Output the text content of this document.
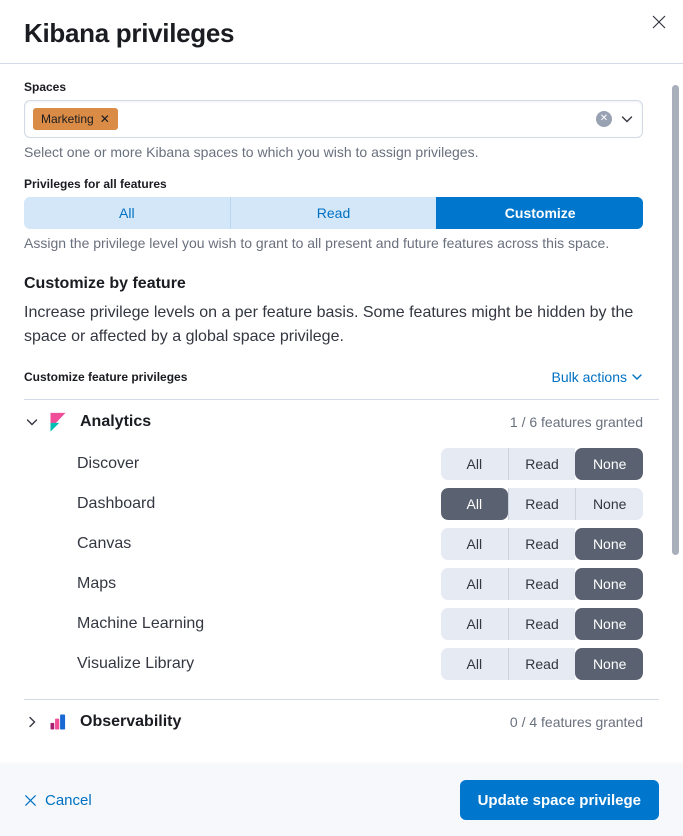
Kibana privileges
Spaces
Marketing ✕	✕
Select one or more Kibana spaces to which you wish to assign privileges.
Privileges for all features
All	Read	Customize
Assign the privilege level you wish to grant to all present and future features across this space.
Customize by feature
Increase privilege levels on a per feature basis. Some features might be hidden by the space or affected by a global space privilege.
Customize feature privileges	Bulk actions
Analytics	1 / 6 features granted
Discover	All	Read	None
Dashboard	All	Read	None
Canvas	All	Read	None
Maps	All	Read	None
Machine Learning	All	Read	None
Visualize Library	All	Read	None
Observability	0 / 4 features granted
Cancel	Update space privilege
